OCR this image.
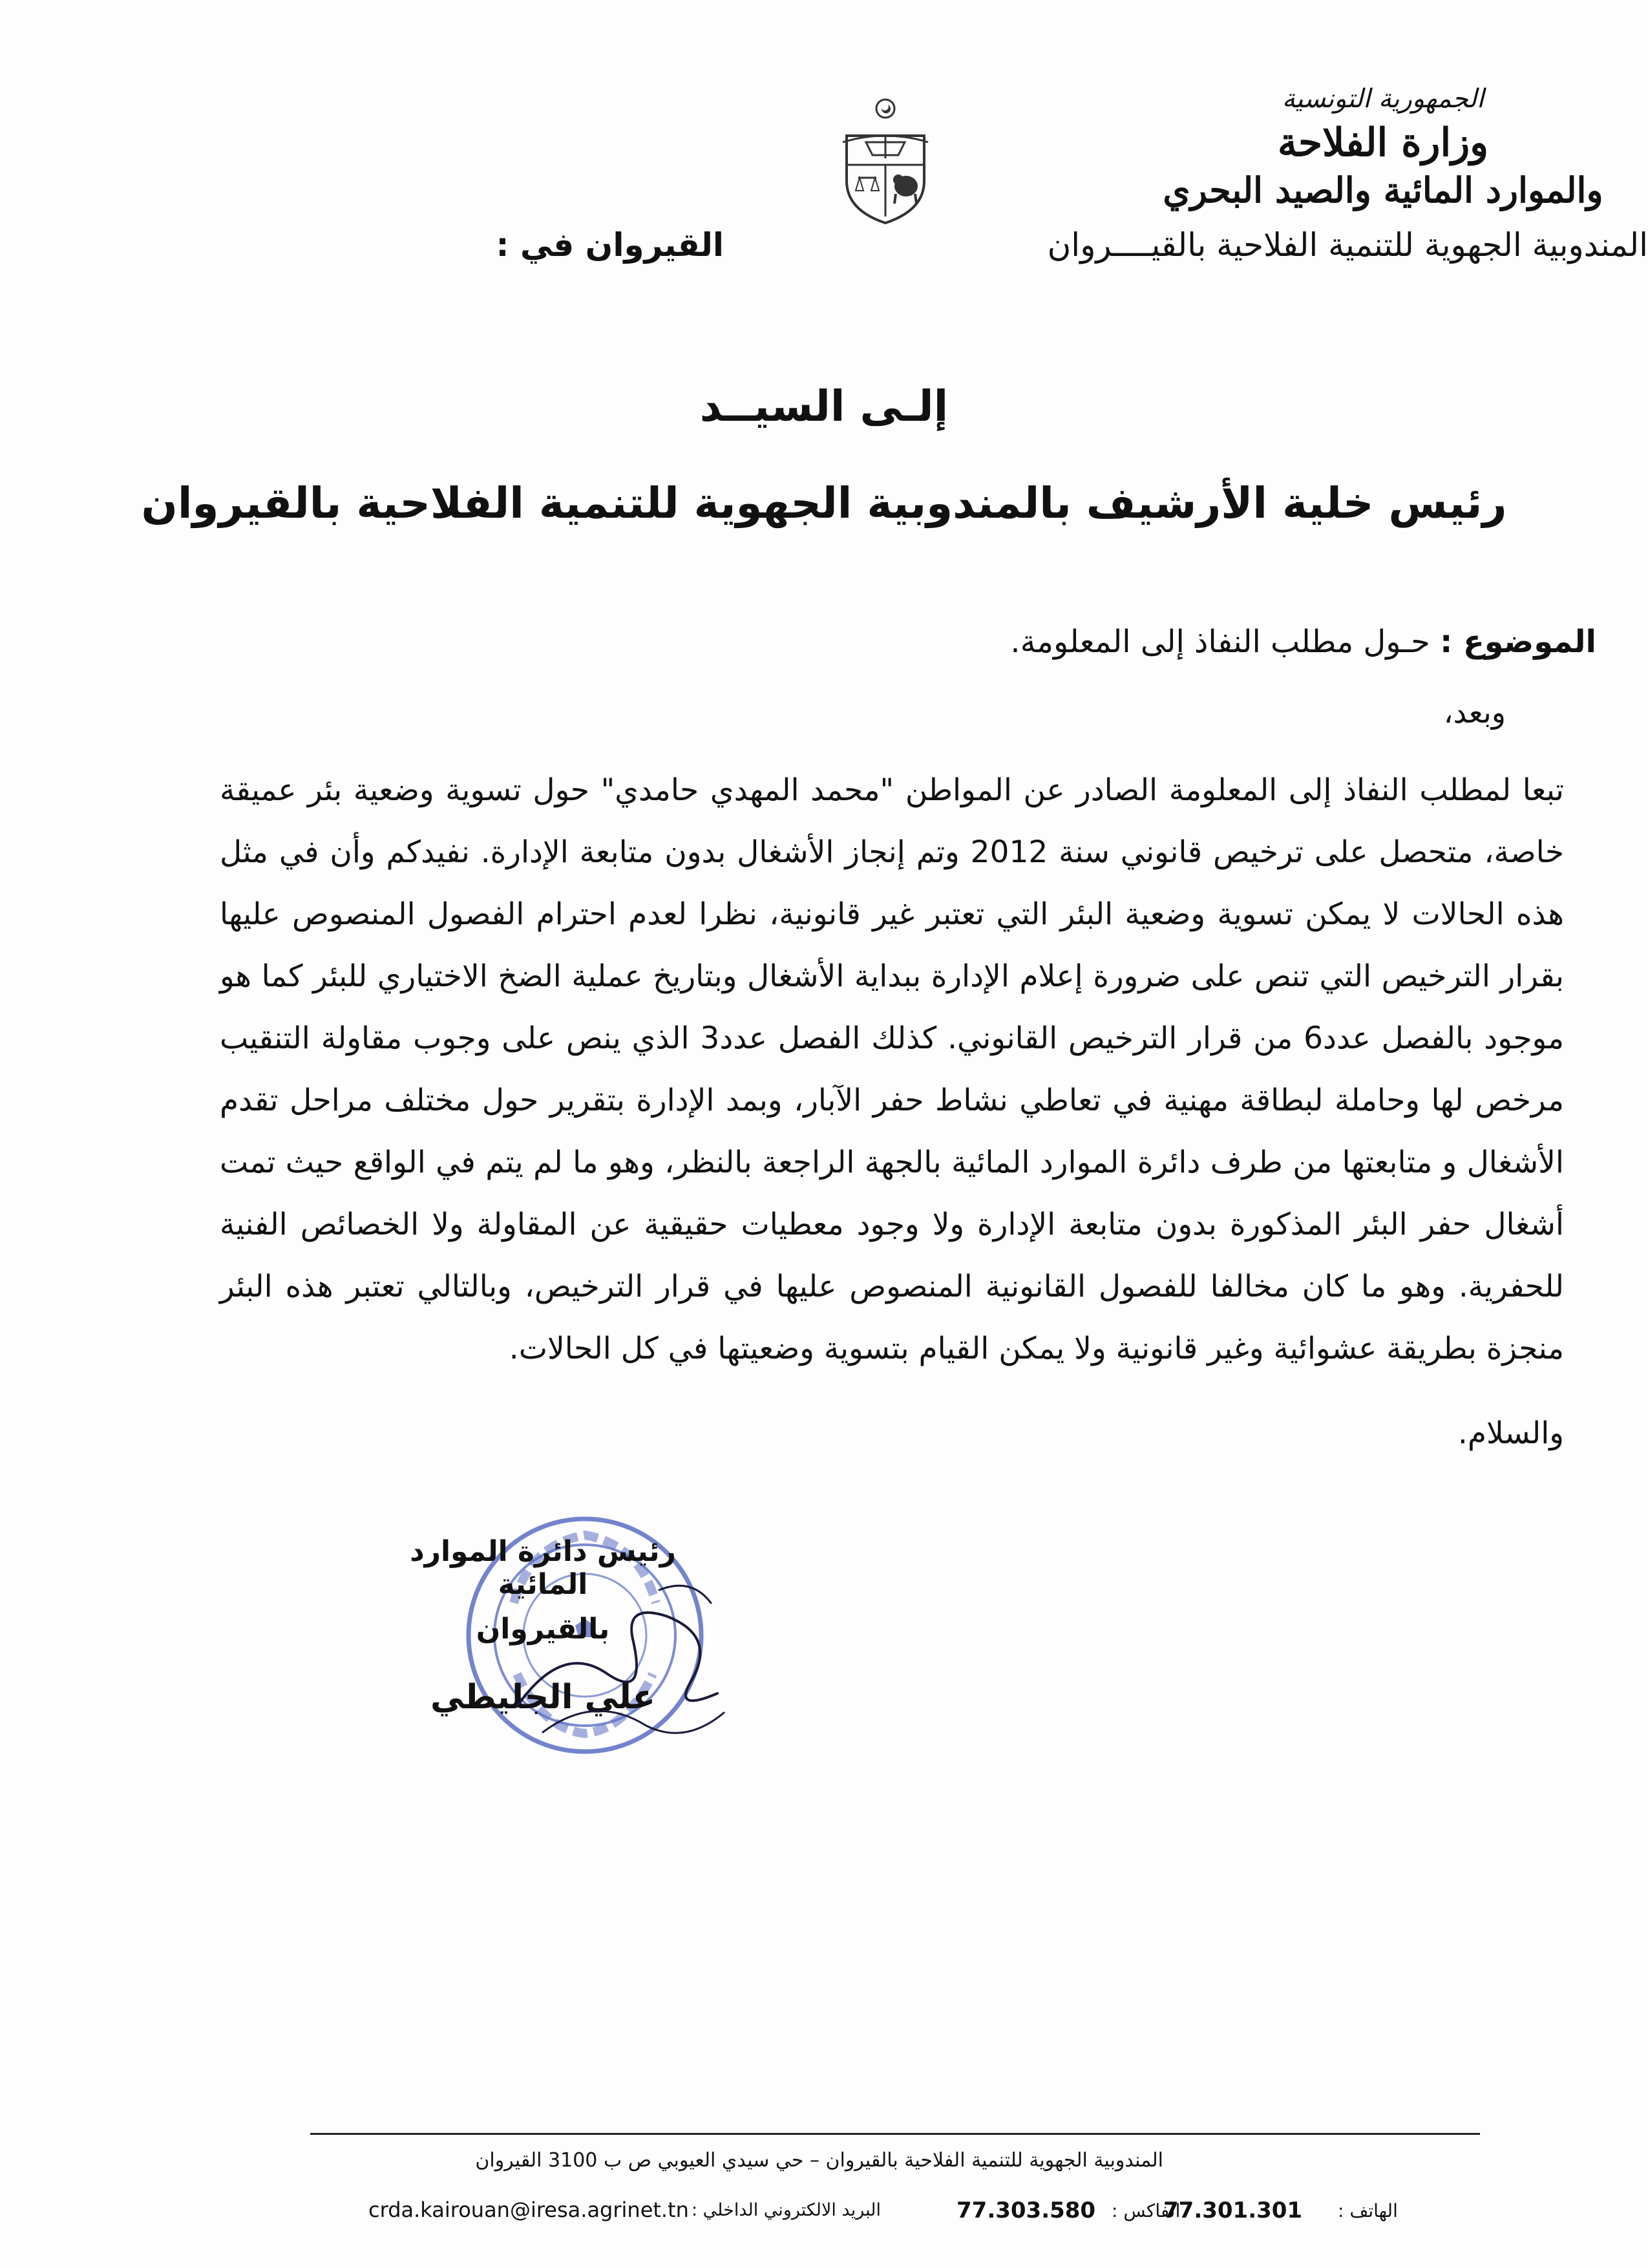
الجمهورية التونسية
وزارة الفلاحة
والموارد المائية والصيد البحري
المندوبية الجهوية للتنمية الفلاحية بالقيــــروان
القيروان في :
إلـى السيــد
رئيس خلية الأرشيف بالمندوبية الجهوية للتنمية الفلاحية بالقيروان
الموضوع : حـول مطلب النفاذ إلى المعلومة.
وبعد،
تبعا لمطلب النفاذ إلى المعلومة الصادر عن المواطن "محمد المهدي حامدي" حول تسوية وضعية بئر عميقة خاصة، متحصل على ترخيص قانوني سنة 2012 وتم إنجاز الأشغال بدون متابعة الإدارة. نفيدكم وأن في مثل هذه الحالات لا يمكن تسوية وضعية البئر التي تعتبر غير قانونية، نظرا لعدم احترام الفصول المنصوص عليها بقرار الترخيص التي تنص على ضرورة إعلام الإدارة ببداية الأشغال وبتاريخ عملية الضخ الاختياري للبئر كما هو موجود بالفصل عدد6 من قرار الترخيص القانوني. كذلك الفصل عدد3 الذي ينص على وجوب مقاولة التنقيب مرخص لها وحاملة لبطاقة مهنية في تعاطي نشاط حفر الآبار، وبمد الإدارة بتقرير حول مختلف مراحل تقدم الأشغال و متابعتها من طرف دائرة الموارد المائية بالجهة الراجعة بالنظر، وهو ما لم يتم في الواقع حيث تمت أشغال حفر البئر المذكورة بدون متابعة الإدارة ولا وجود معطيات حقيقية عن المقاولة ولا الخصائص الفنية للحفرية. وهو ما كان مخالفا للفصول القانونية المنصوص عليها في قرار الترخيص، وبالتالي تعتبر هذه البئر منجزة بطريقة عشوائية وغير قانونية ولا يمكن القيام بتسوية وضعيتها في كل الحالات.
والسلام.
رئيس دائرة الموارد المائية
بالقيروان
علي الجليطي
المندوبية الجهوية للتنمية الفلاحية بالقيروان – حي سيدي العيوبي ص ب 3100 القيروان
crda.kairouan@iresa.agrinet.tn البريد الالكتروني الداخلي :	77.303.580 الفاكس :
77.301.301 الهاتف :
